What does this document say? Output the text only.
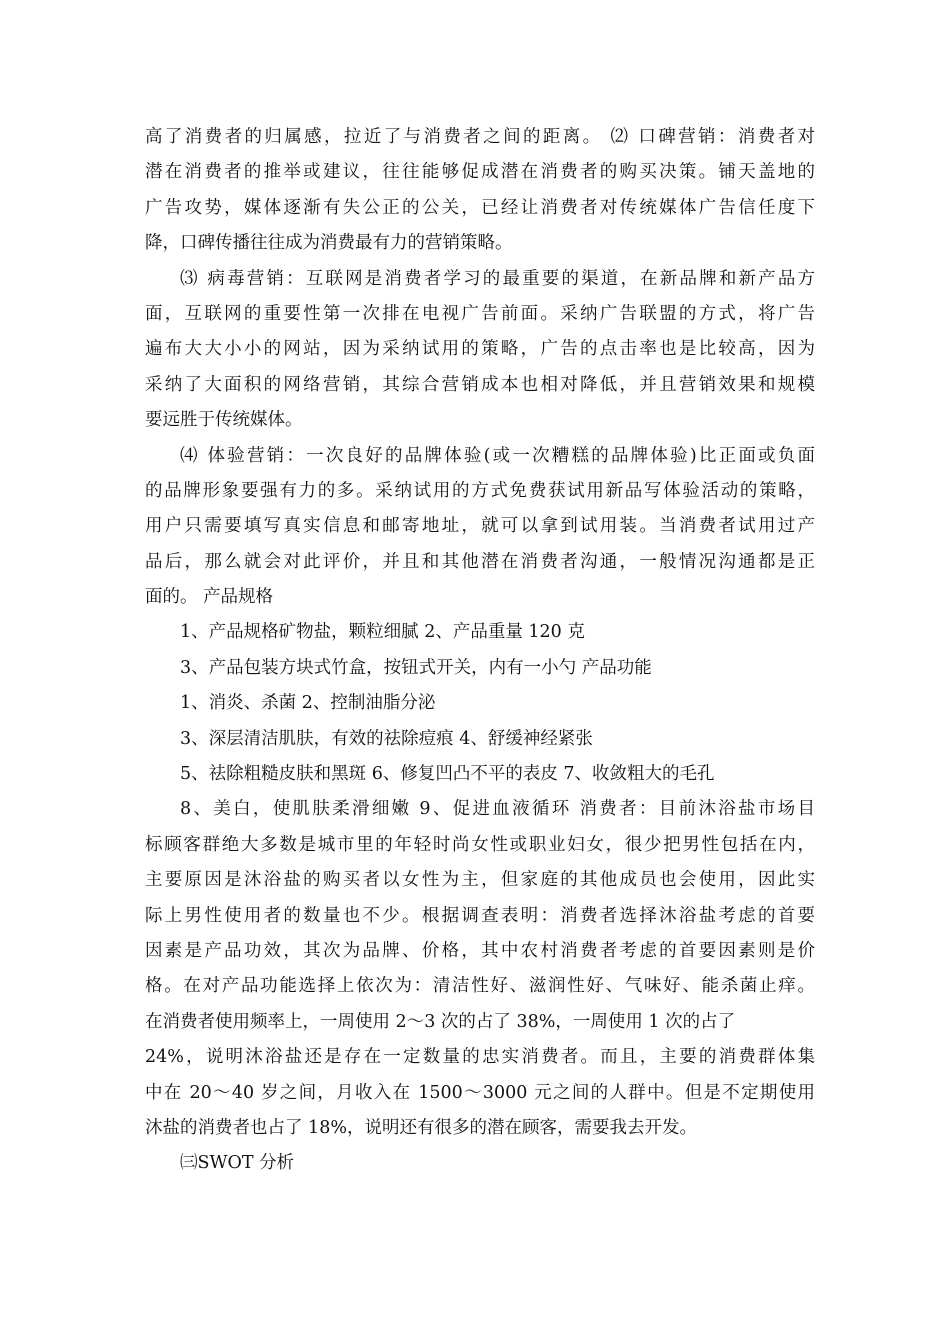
高了消费者的归属感，拉近了与消费者之间的距离。 ⑵ 口碑营销：消费者对

潜在消费者的推举或建议，往往能够促成潜在消费者的购买决策。铺天盖地的

广告攻势，媒体逐渐有失公正的公关，已经让消费者对传统媒体广告信任度下

降，口碑传播往往成为消费最有力的营销策略。

⑶ 病毒营销：互联网是消费者学习的最重要的渠道，在新品牌和新产品方

面，互联网的重要性第一次排在电视广告前面。采纳广告联盟的方式，将广告

遍布大大小小的网站，因为采纳试用的策略，广告的点击率也是比较高，因为

采纳了大面积的网络营销，其综合营销成本也相对降低，并且营销效果和规模

要远胜于传统媒体。

⑷ 体验营销：一次良好的品牌体验(或一次糟糕的品牌体验)比正面或负面

的品牌形象要强有力的多。采纳试用的方式免费获试用新品写体验活动的策略，

用户只需要填写真实信息和邮寄地址，就可以拿到试用装。当消费者试用过产

品后，那么就会对此评价，并且和其他潜在消费者沟通，一般情况沟通都是正

面的。 产品规格

1、产品规格矿物盐，颗粒细腻 2、产品重量 120 克

3、产品包装方块式竹盒，按钮式开关，内有一小勺 产品功能

1、消炎、杀菌 2、控制油脂分泌

3、深层清洁肌肤，有效的祛除痘痕 4、舒缓神经紧张

5、祛除粗糙皮肤和黑斑 6、修复凹凸不平的表皮 7、收敛粗大的毛孔

8、美白，使肌肤柔滑细嫩 9、促进血液循环 消费者：目前沐浴盐市场目

标顾客群绝大多数是城市里的年轻时尚女性或职业妇女，很少把男性包括在内，

主要原因是沐浴盐的购买者以女性为主，但家庭的其他成员也会使用，因此实

际上男性使用者的数量也不少。根据调查表明：消费者选择沐浴盐考虑的首要

因素是产品功效，其次为品牌、价格，其中农村消费者考虑的首要因素则是价

格。在对产品功能选择上依次为：清洁性好、滋润性好、气味好、能杀菌止痒。

在消费者使用频率上，一周使用 2～3 次的占了 38%，一周使用 1 次的占了

24%，说明沐浴盐还是存在一定数量的忠实消费者。而且，主要的消费群体集

中在 20～40 岁之间，月收入在 1500～3000 元之间的人群中。但是不定期使用

沐盐的消费者也占了 18%，说明还有很多的潜在顾客，需要我去开发。

㈢SWOT 分析
